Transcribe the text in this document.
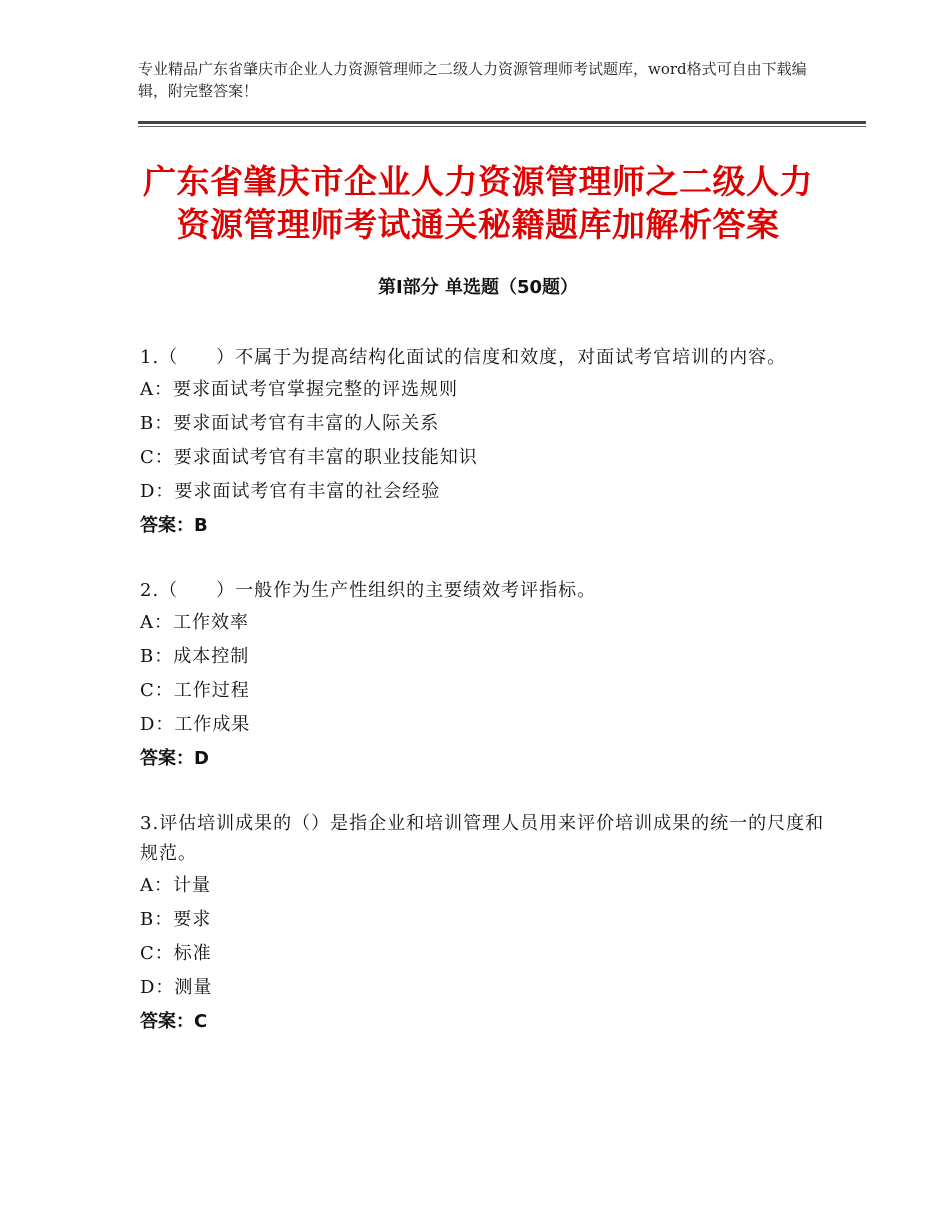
专业精品广东省肇庆市企业人力资源管理师之二级人力资源管理师考试题库，word格式可自由下载编辑，附完整答案！
广东省肇庆市企业人力资源管理师之二级人力资源管理师考试通关秘籍题库加解析答案
第Ⅰ部分 单选题（50题）

1.（　　）不属于为提高结构化面试的信度和效度，对面试考官培训的内容。

A：要求面试考官掌握完整的评选规则

B：要求面试考官有丰富的人际关系

C：要求面试考官有丰富的职业技能知识

D：要求面试考官有丰富的社会经验

答案：B

2.（　　）一般作为生产性组织的主要绩效考评指标。

A：工作效率

B：成本控制

C：工作过程

D：工作成果

答案：D

3.评估培训成果的（）是指企业和培训管理人员用来评价培训成果的统一的尺度和规范。

A：计量

B：要求

C：标准

D：测量

答案：C
